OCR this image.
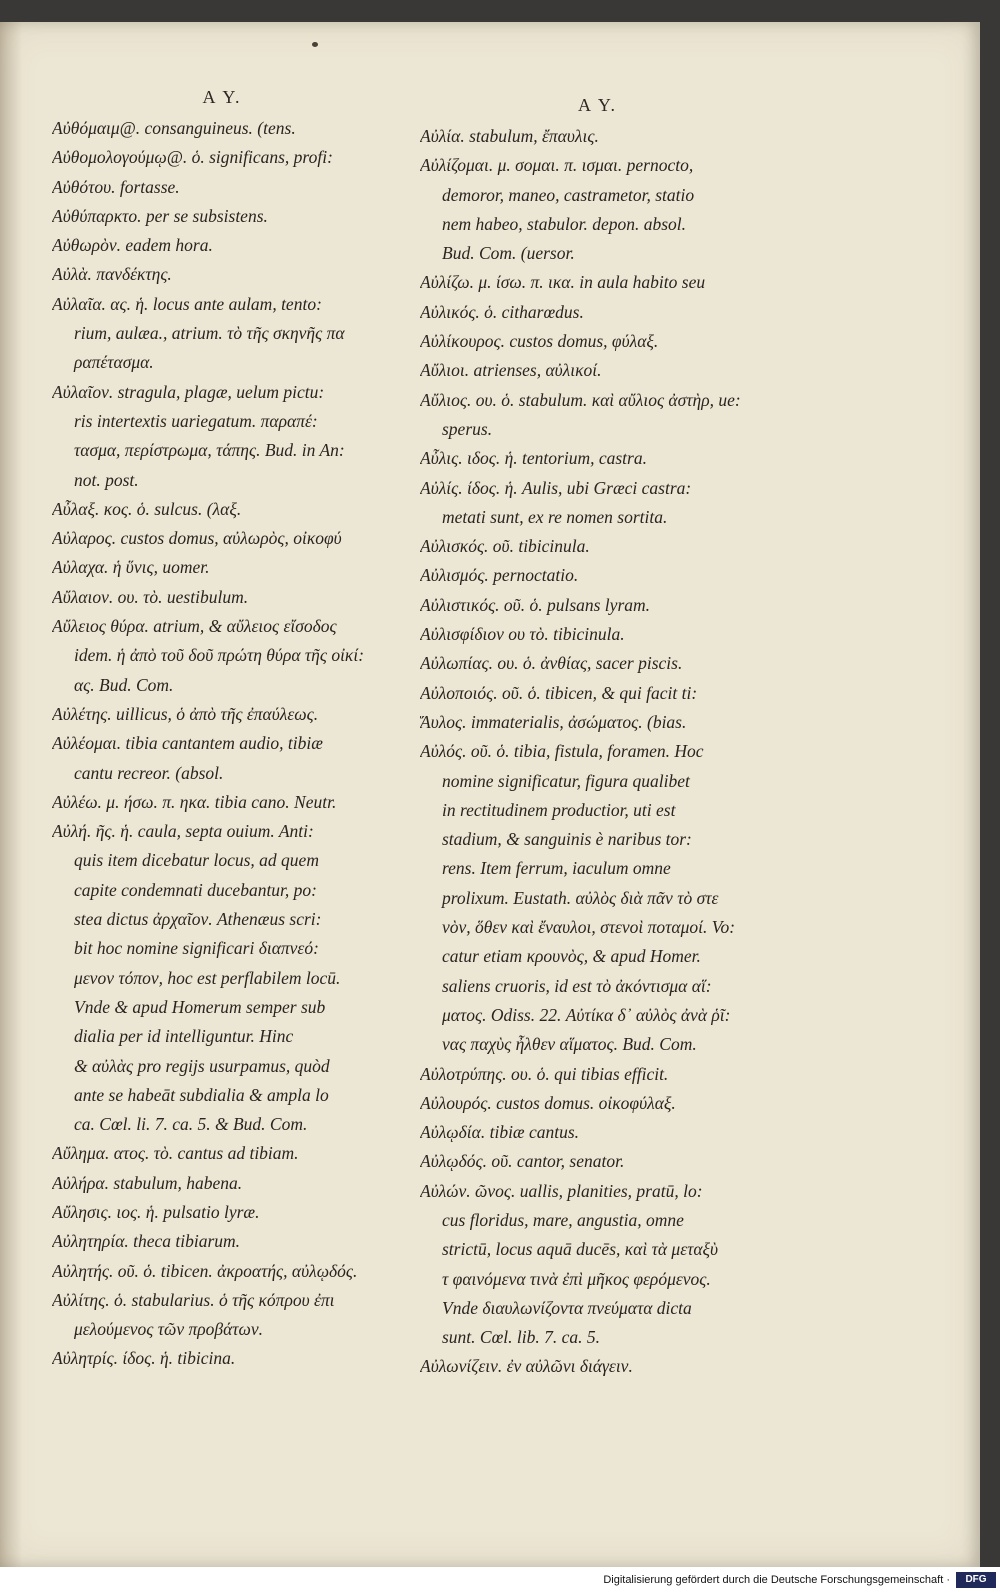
A Y.
Αὐθόμαιμ@. consanguineus. (tens.
Αὐθομολογούμῳ@. ὁ. significans, profi:
Αὐθότου. fortasse.
Αὐθύπαρκτο. per se subsistens.
Αὐθωρὸν. eadem hora.
Αὐλὰ. πανδέκτης.
Αὐλαῖα. ας. ἡ. locus ante aulam, tento:
rium, aulæa., atrium. τὸ τῆς σκηνῆς πα
ραπέτασμα.
Αὐλαῖον. stragula, plagæ, uelum pictu:
ris intertextis uariegatum. παραπέ:
τασμα, περίστρωμα, τάπης. Bud. in An:
not. post.
Αὖλαξ. κος. ὁ. sulcus. (λαξ.
Αὐλαρος. custos domus, αὐλωρὸς, οἰκοφύ
Αὐλαχα. ἡ ὕνις, uomer.
Αὔλαιον. ου. τὸ. uestibulum.
Αὔλειος θύρα. atrium, & αὔλειος εἴσοδος
idem. ἡ ἀπὸ τοῦ δοῦ πρώτη θύρα τῆς οἰκί:
ας. Bud. Com.
Αὐλέτης. uillicus, ὁ ἀπὸ τῆς ἐπαύλεως.
Αὐλέομαι. tibia cantantem audio, tibiæ
cantu recreor. (absol.
Αὐλέω. μ. ήσω. π. ηκα. tibia cano. Neutr.
Αὐλή. ῆς. ἡ. caula, septa ouium. Anti:
quis item dicebatur locus, ad quem
capite condemnati ducebantur, po:
stea dictus ἀρχαῖον. Athenæus scri:
bit hoc nomine significari διαπνεό:
μενον τόπον, hoc est perflabilem locū.
Vnde & apud Homerum semper sub
dialia per id intelliguntur. Hinc
& αὐλὰς pro regijs usurpamus, quòd
ante se habeāt subdialia & ampla lo
ca. Cœl. li. 7. ca. 5. & Bud. Com.
Αὔλημα. ατος. τὸ. cantus ad tibiam.
Αὐλήρα. stabulum, habena.
Αὔλησις. ιος. ἡ. pulsatio lyræ.
Αὐλητηρία. theca tibiarum.
Αὐλητής. οῦ. ὁ. tibicen. ἀκροατής, αὐλῳδός.
Αὐλίτης. ὁ. stabularius. ὁ τῆς κόπρου ἐπι
μελούμενος τῶν προβάτων.
Αὐλητρίς. ίδος. ἡ. tibicina.
A Y.
Αὐλία. stabulum, ἔπαυλις.
Αὐλίζομαι. μ. σομαι. π. ισμαι. pernocto,
demoror, maneo, castrametor, statio
nem habeo, stabulor. depon. absol.
Bud. Com. (uersor.
Αὐλίζω. μ. ίσω. π. ικα. in aula habito seu
Αὐλικός. ὁ. citharœdus.
Αὐλίκουρος. custos domus, φύλαξ.
Αὔλιοι. atrienses, αὐλικοί.
Αὔλιος. ου. ὁ. stabulum. καὶ αὔλιος ἀστὴρ, ue:
sperus.
Αὖλις. ιδος. ἡ. tentorium, castra.
Αὐλίς. ίδος. ἡ. Aulis, ubi Græci castra:
metati sunt, ex re nomen sortita.
Αὐλισκός. οῦ. tibicinula.
Αὐλισμός. pernoctatio.
Αὐλιστικός. οῦ. ὁ. pulsans lyram.
Αὐλισφίδιον ου τὸ. tibicinula.
Αὐλωπίας. ου. ὁ. ἀνθίας, sacer piscis.
Αὐλοποιός. οῦ. ὁ. tibicen, & qui facit ti:
Ἄυλος. immaterialis, ἀσώματος. (bias.
Αὐλός. οῦ. ὁ. tibia, fistula, foramen. Hoc
nomine significatur, figura qualibet
in rectitudinem productior, uti est
stadium, & sanguinis è naribus tor:
rens. Item ferrum, iaculum omne
prolixum. Eustath. αὐλὸς διὰ πᾶν τὸ στε
νὸν, ὅθεν καὶ ἔναυλοι, στενοὶ ποταμοί. Vo:
catur etiam κρουνὸς, & apud Homer.
saliens cruoris, id est τὸ ἀκόντισμα αἵ:
ματος. Odiss. 22. Αὐτίκα δ᾽ αὐλὸς ἀνὰ ῥῖ:
νας παχὺς ἦλθεν αἵματος. Bud. Com.
Αὐλοτρύπης. ου. ὁ. qui tibias efficit.
Αὐλουρός. custos domus. οἰκοφύλαξ.
Αὐλῳδία. tibiæ cantus.
Αὐλῳδός. οῦ. cantor, senator.
Αὐλών. ῶνος. uallis, planities, pratū, lo:
cus floridus, mare, angustia, omne
strictū, locus aquā ducēs, καὶ τὰ μεταξὺ
τ φαινόμενα τινὰ ἐπὶ μῆκος φερόμενος.
Vnde διαυλωνίζοντα πνεύματα dicta
sunt. Cœl. lib. 7. ca. 5.
Αὐλωνίζειν. ἐν αὐλῶνι διάγειν.
Digitalisierung gefördert durch die Deutsche Forschungsgemeinschaft ·	DFG
